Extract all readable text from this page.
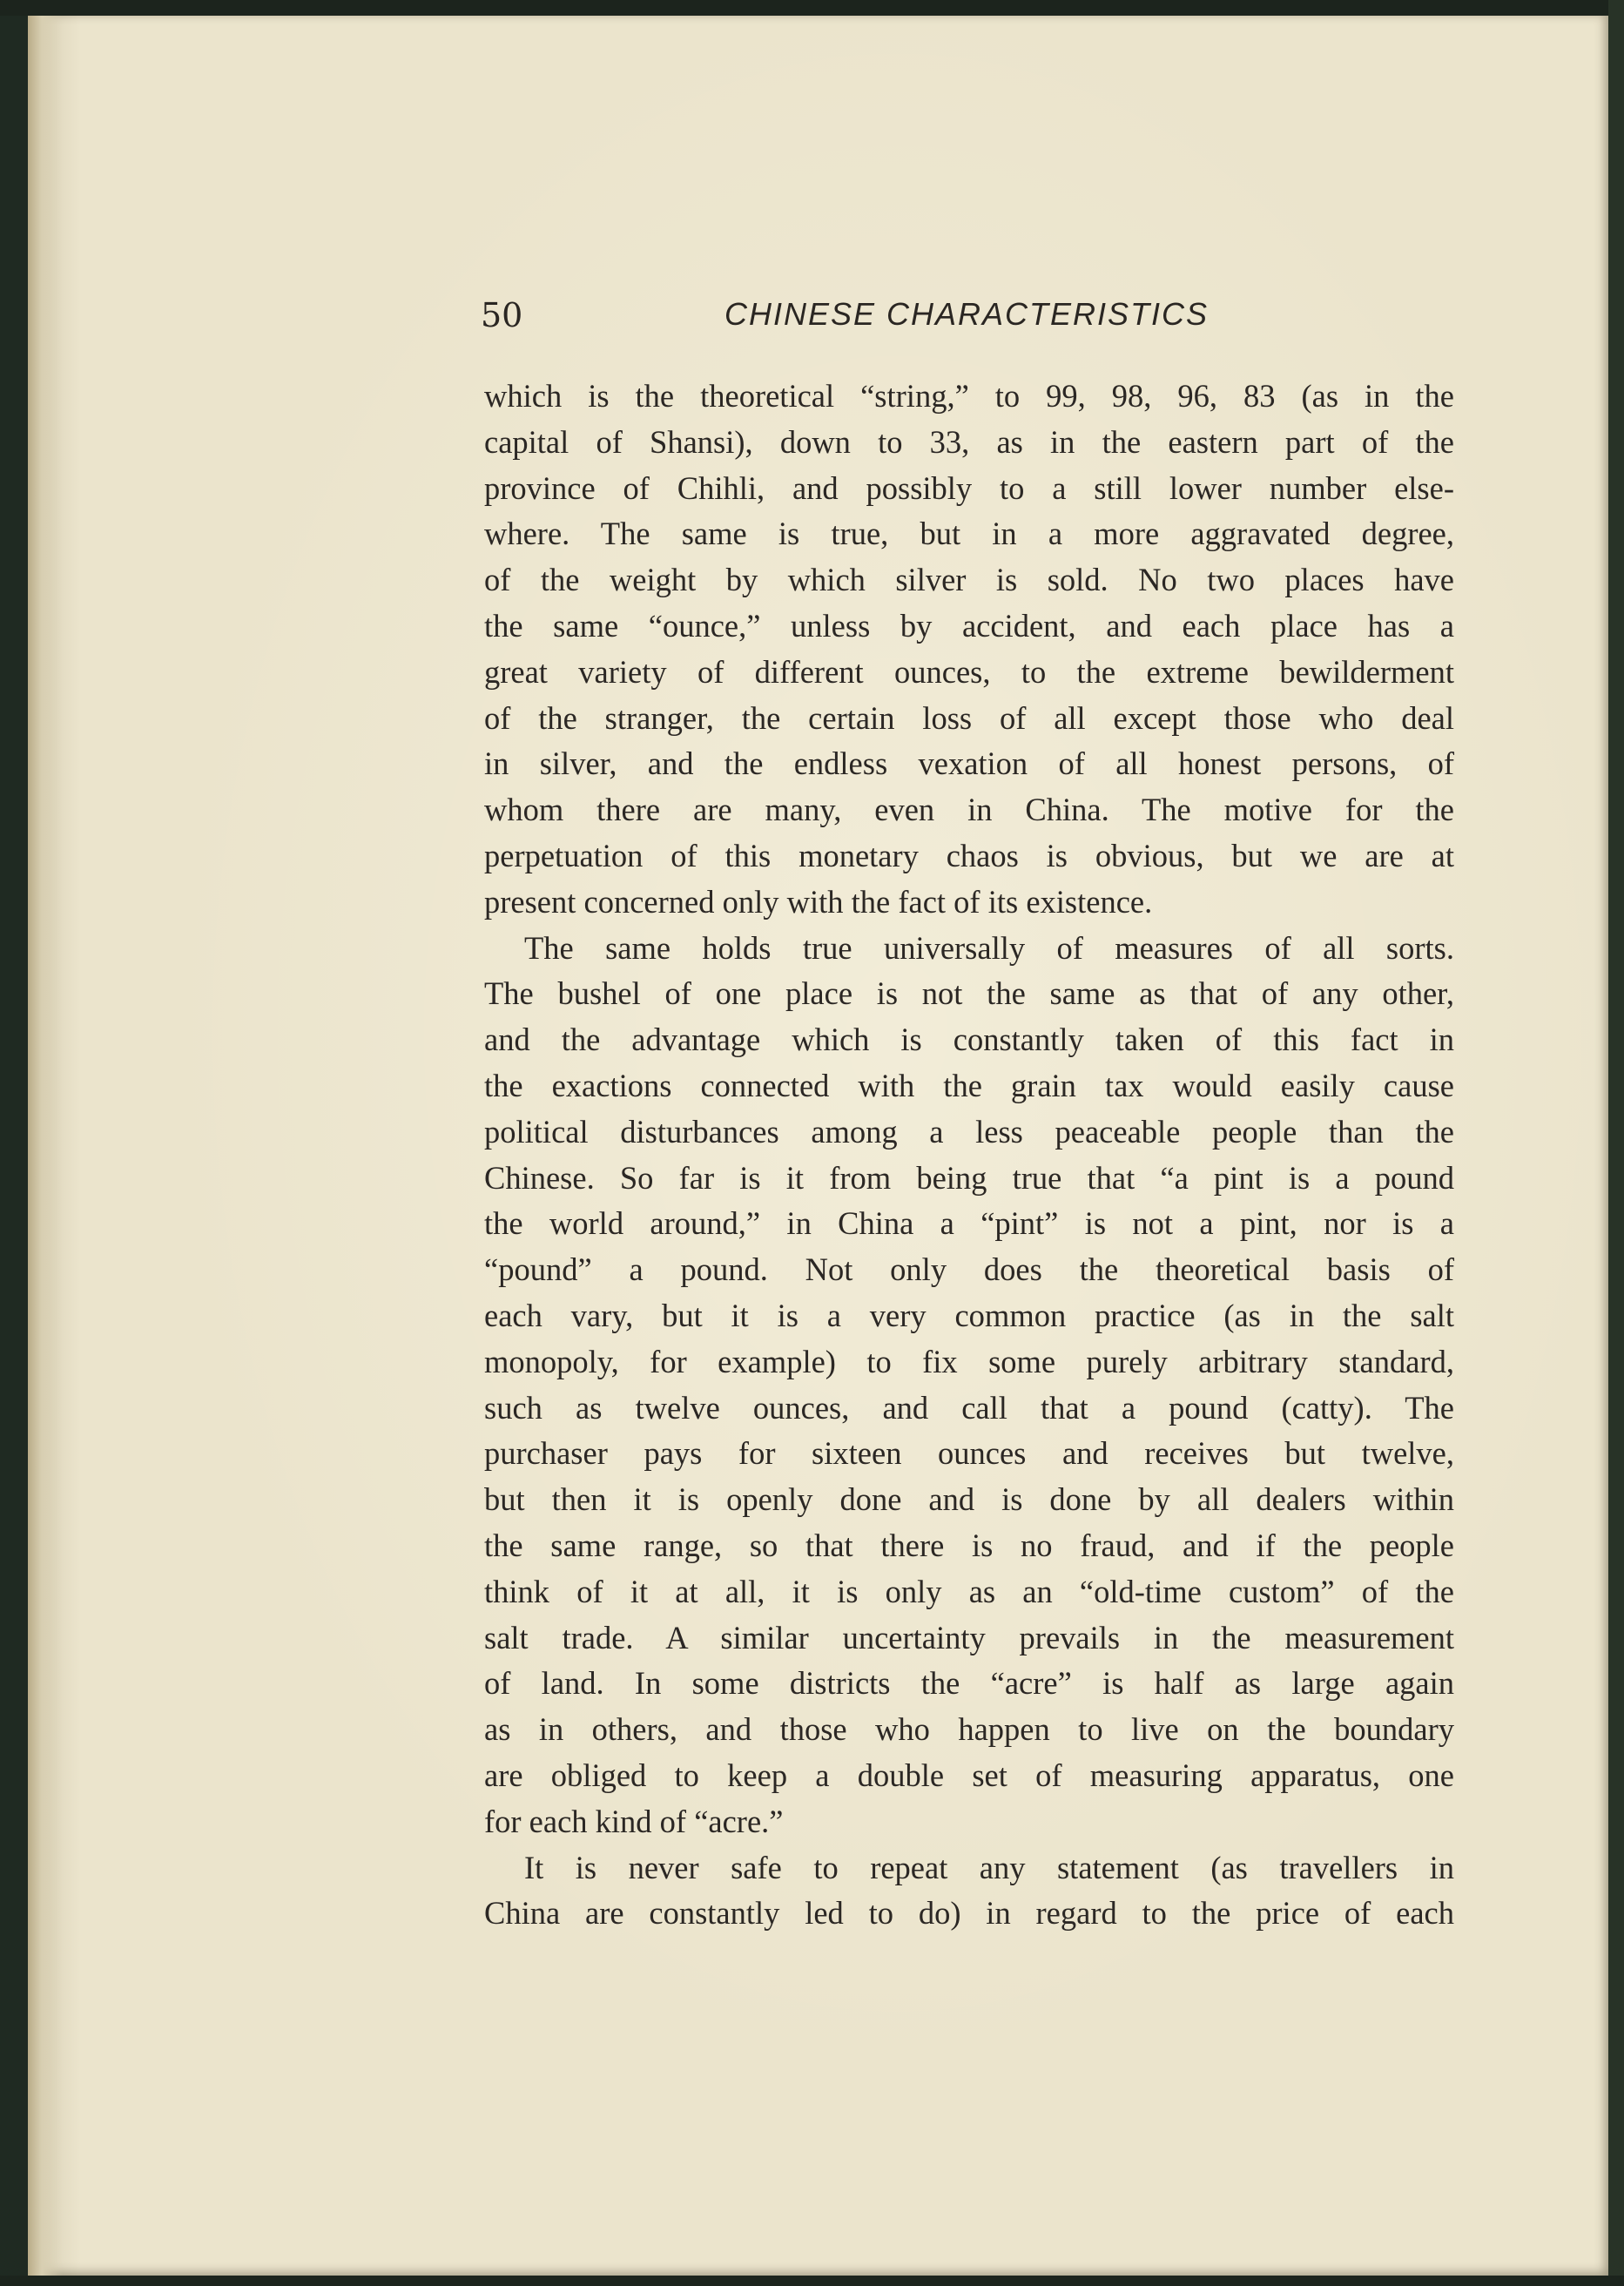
50	CHINESE CHARACTERISTICS
which is the theoretical “string,” to 99, 98, 96, 83 (as in the
capital of Shansi), down to 33, as in the eastern part of the
province of Chihli, and possibly to a still lower number else-
where. The same is true, but in a more aggravated degree,
of the weight by which silver is sold. No two places have
the same “ounce,” unless by accident, and each place has a
great variety of different ounces, to the extreme bewilderment
of the stranger, the certain loss of all except those who deal
in silver, and the endless vexation of all honest persons, of
whom there are many, even in China. The motive for the
perpetuation of this monetary chaos is obvious, but we are at
present concerned only with the fact of its existence.
The same holds true universally of measures of all sorts.
The bushel of one place is not the same as that of any other,
and the advantage which is constantly taken of this fact in
the exactions connected with the grain tax would easily cause
political disturbances among a less peaceable people than the
Chinese. So far is it from being true that “a pint is a pound
the world around,” in China a “pint” is not a pint, nor is a
“pound” a pound. Not only does the theoretical basis of
each vary, but it is a very common practice (as in the salt
monopoly, for example) to fix some purely arbitrary standard,
such as twelve ounces, and call that a pound (catty). The
purchaser pays for sixteen ounces and receives but twelve,
but then it is openly done and is done by all dealers within
the same range, so that there is no fraud, and if the people
think of it at all, it is only as an “old-time custom” of the
salt trade. A similar uncertainty prevails in the measurement
of land. In some districts the “acre” is half as large again
as in others, and those who happen to live on the boundary
are obliged to keep a double set of measuring apparatus, one
for each kind of “acre.”
It is never safe to repeat any statement (as travellers in
China are constantly led to do) in regard to the price of each
